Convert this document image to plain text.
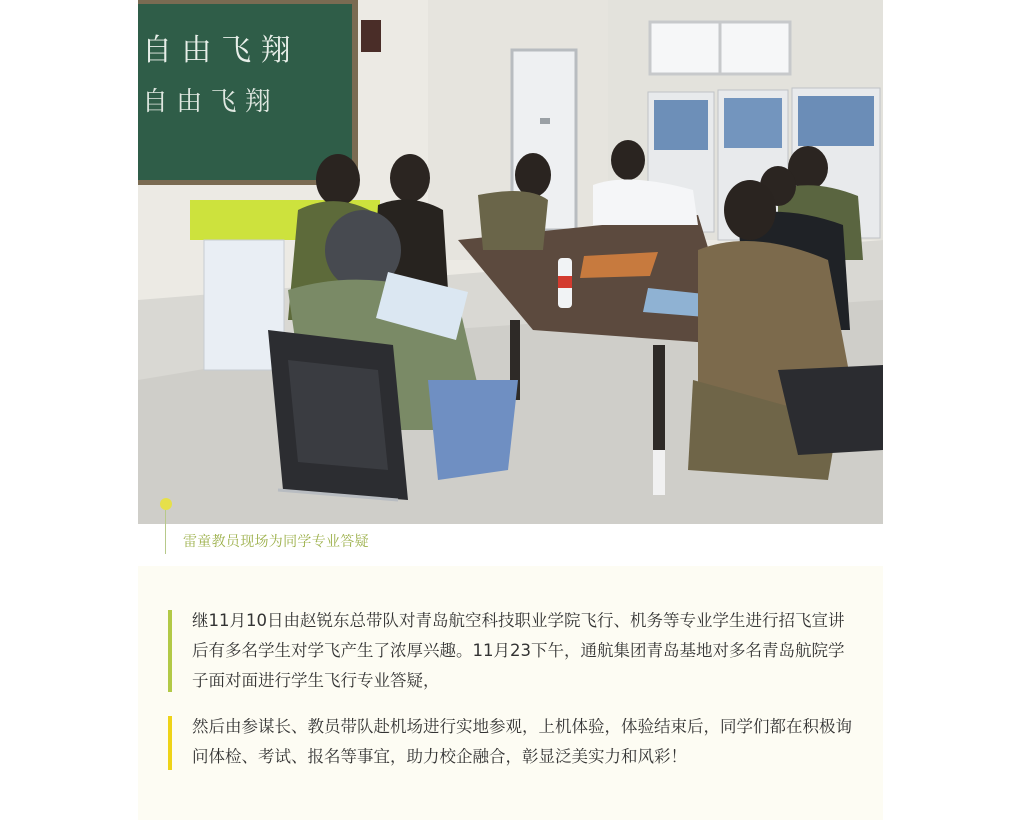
自 由 飞 翔
自 由 飞 翔
雷童教员现场为同学专业答疑
继11月10日由赵锐东总带队对青岛航空科技职业学院飞行、机务等专业学生进行招飞宣讲后有多名学生对学飞产生了浓厚兴趣。11月23下午，通航集团青岛基地对多名青岛航院学子面对面进行学生飞行专业答疑，
然后由参谋长、教员带队赴机场进行实地参观，上机体验，体验结束后，同学们都在积极询问体检、考试、报名等事宜，助力校企融合，彰显泛美实力和风彩！
